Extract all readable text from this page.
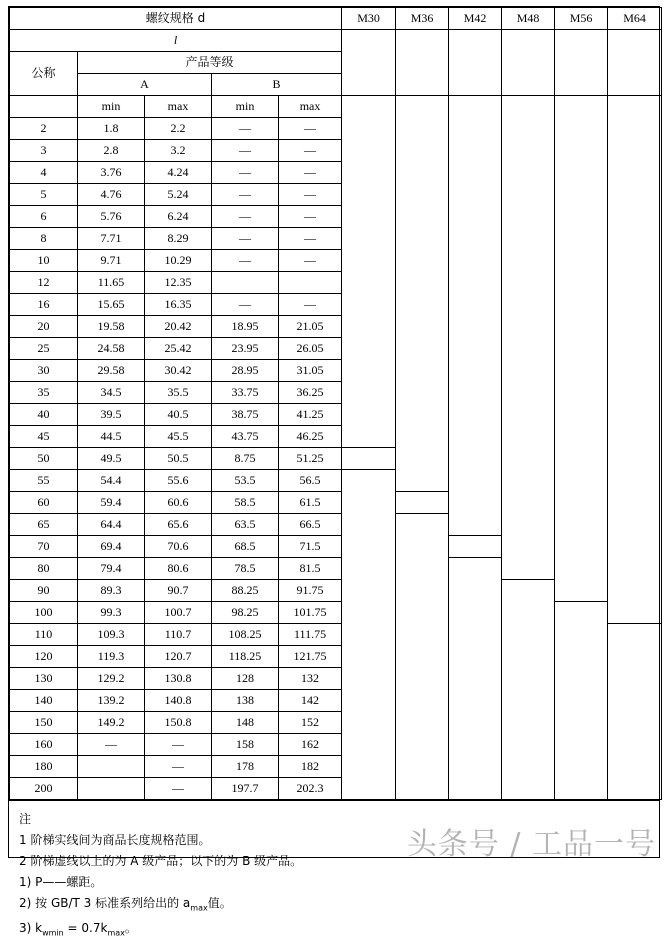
螺纹规格 d					M30	M36	M42	M48	M56	M64
l										
公称	产品等级									
	A		B							
	min	max	min	max						
2	1.8	2.2	—	—						
3	2.8	3.2	—	—						
4	3.76	4.24	—	—						
5	4.76	5.24	—	—						
6	5.76	6.24	—	—						
8	7.71	8.29	—	—						
10	9.71	10.29	—	—						
12	11.65	12.35								
16	15.65	16.35	—	—						
20	19.58	20.42	18.95	21.05						
25	24.58	25.42	23.95	26.05						
30	29.58	30.42	28.95	31.05						
35	34.5	35.5	33.75	36.25						
40	39.5	40.5	38.75	41.25						
45	44.5	45.5	43.75	46.25						
50	49.5	50.5	8.75	51.25						
55	54.4	55.6	53.5	56.5						
60	59.4	60.6	58.5	61.5						
65	64.4	65.6	63.5	66.5						
70	69.4	70.6	68.5	71.5						
80	79.4	80.6	78.5	81.5						
90	89.3	90.7	88.25	91.75						
100	99.3	100.7	98.25	101.75						
110	109.3	110.7	108.25	111.75						
120	119.3	120.7	118.25	121.75						
130	129.2	130.8	128	132						
140	139.2	140.8	138	142						
150	149.2	150.8	148	152						
160	—	—	158	162						
180		—	178	182						
200		—	197.7	202.3						
注
1 阶梯实线间为商品长度规格范围。
2 阶梯虚线以上的为 A 级产品；以下的为 B 级产品。
1) P——螺距。
2) 按 GB/T 3 标准系列给出的 $a_{max}$值。
3) $k_{wmin} = 0.7k_{max}$。
头条号 / 工品一号
